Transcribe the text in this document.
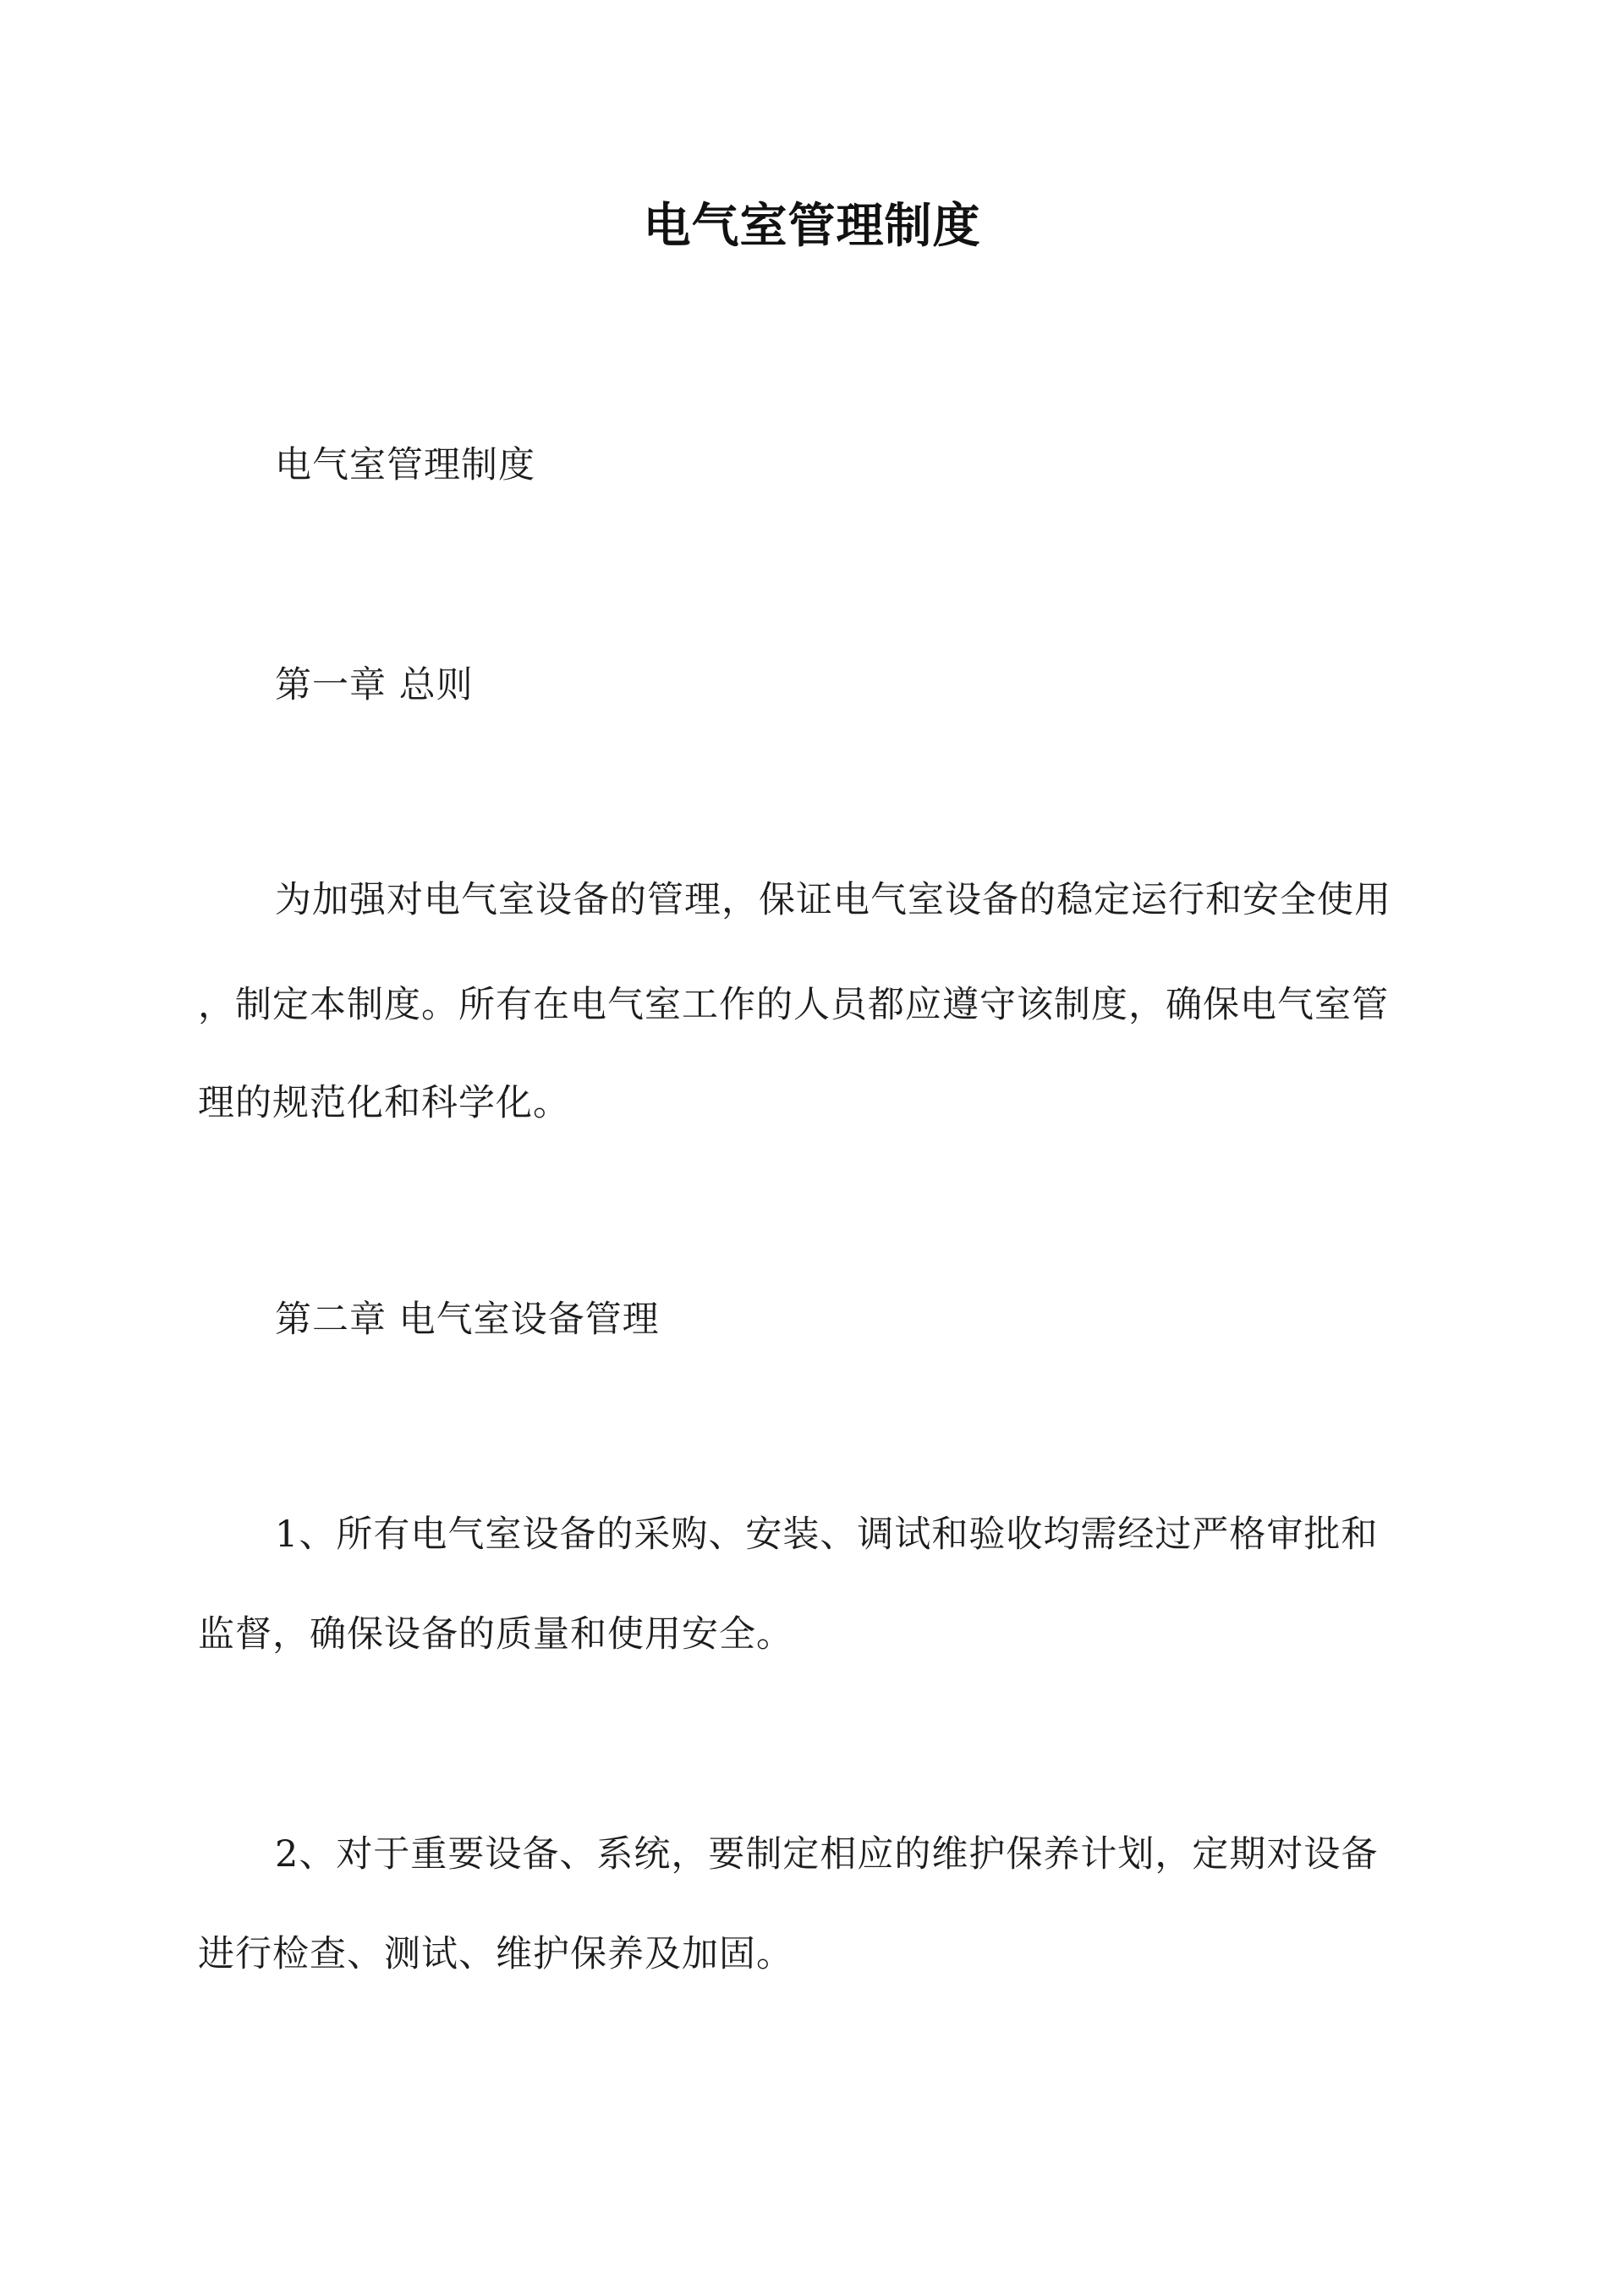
电气室管理制度
电气室管理制度
第一章 总则
为加强对电气室设备的管理，保证电气室设备的稳定运行和安全使用
，制定本制度。所有在电气室工作的人员都应遵守该制度，确保电气室管
理的规范化和科学化。
第二章 电气室设备管理
1、所有电气室设备的采购、安装、调试和验收均需经过严格审批和
监督，确保设备的质量和使用安全。
2、对于重要设备、系统，要制定相应的维护保养计划，定期对设备
进行检查、测试、维护保养及加固。
